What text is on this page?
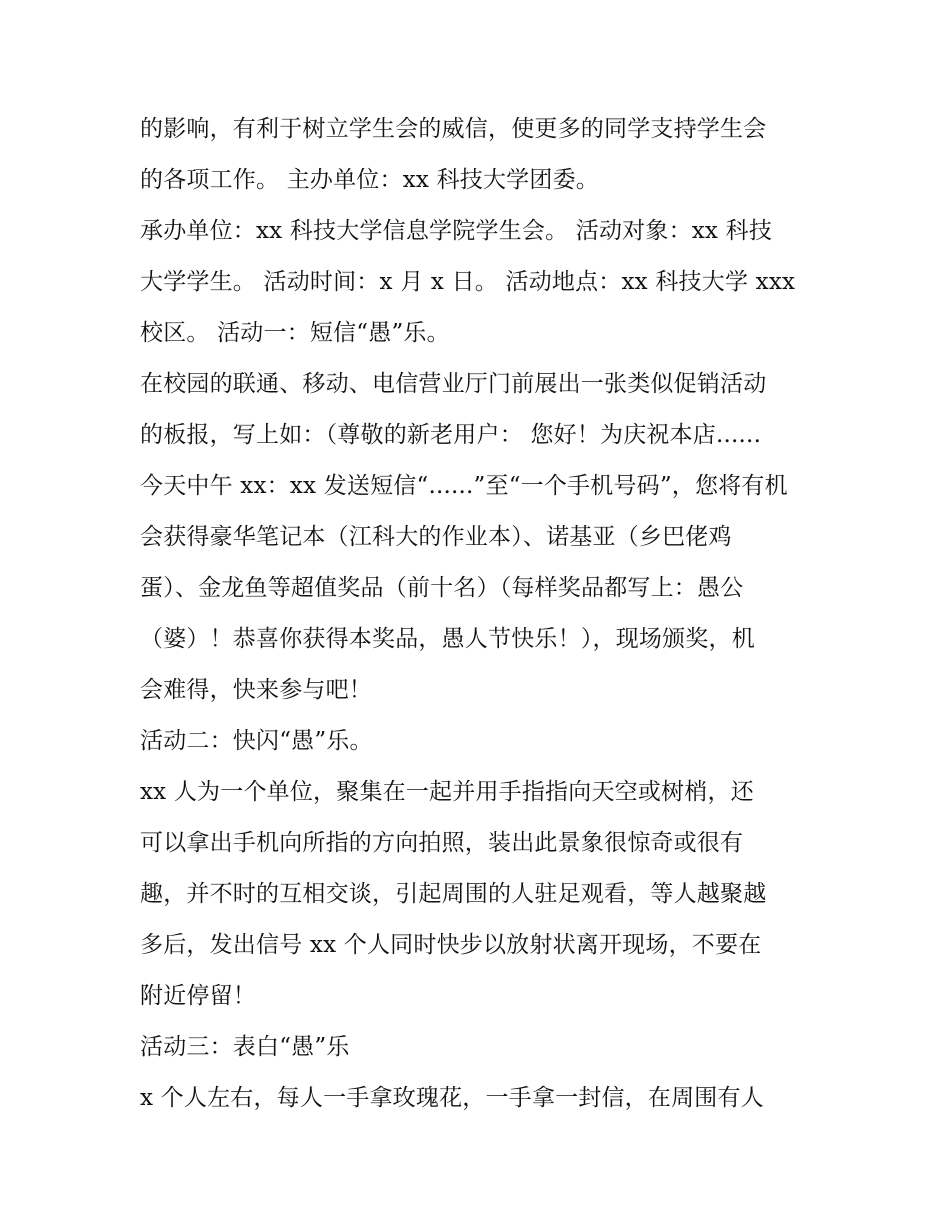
的影响，有利于树立学生会的威信，使更多的同学支持学生会
的各项工作。 主办单位：xx 科技大学团委。
承办单位：xx 科技大学信息学院学生会。 活动对象：xx 科技
大学学生。 活动时间：x 月 x 日。 活动地点：xx 科技大学 xxx
校区。 活动一：短信“愚”乐。
在校园的联通、移动、电信营业厅门前展出一张类似促销活动
的板报，写上如：（尊敬的新老用户： 您好！为庆祝本店......
今天中午 xx：xx 发送短信“......”至“一个手机号码”，您将有机
会获得豪华笔记本（江科大的作业本）、诺基亚（乡巴佬鸡
蛋）、金龙鱼等超值奖品（前十名）（每样奖品都写上：愚公
（婆）！恭喜你获得本奖品，愚人节快乐！），现场颁奖，机
会难得，快来参与吧！
活动二：快闪“愚”乐。
xx 人为一个单位，聚集在一起并用手指指向天空或树梢，还
可以拿出手机向所指的方向拍照，装出此景象很惊奇或很有
趣，并不时的互相交谈，引起周围的人驻足观看，等人越聚越
多后，发出信号 xx 个人同时快步以放射状离开现场，不要在
附近停留！
活动三：表白“愚”乐
x 个人左右，每人一手拿玫瑰花，一手拿一封信，在周围有人
